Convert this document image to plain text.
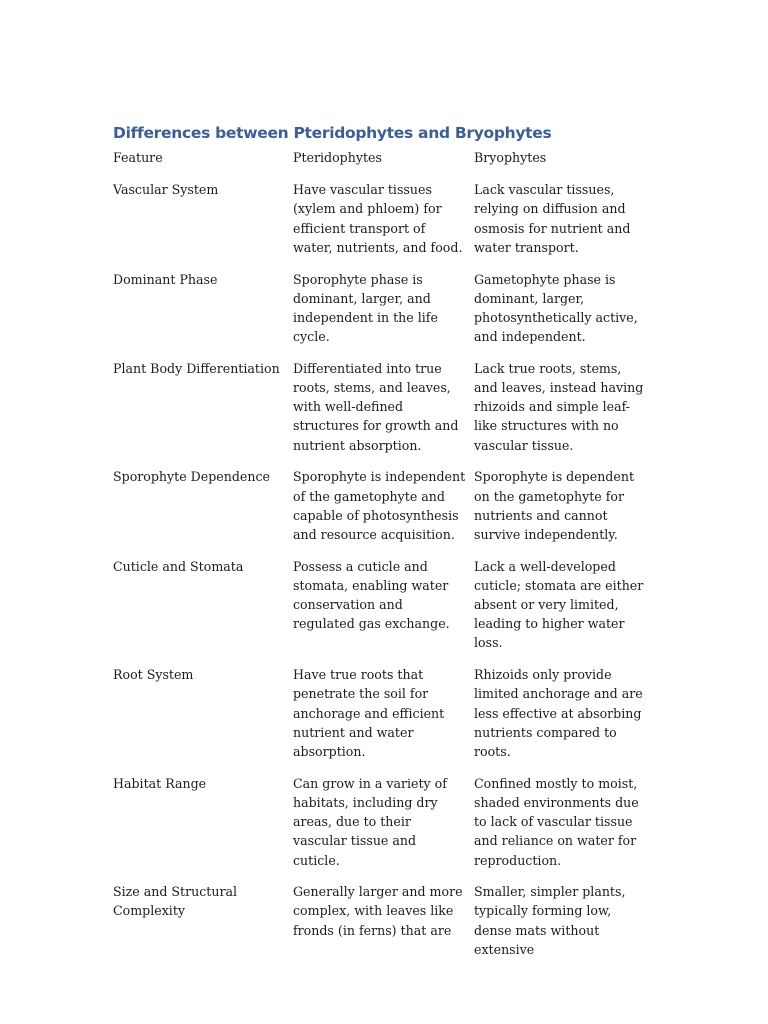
Differences between Pteridophytes and Bryophytes
Feature	Pteridophytes	Bryophytes
Vascular System	Have vascular tissues (xylem and phloem) for efficient transport of water, nutrients, and food.	Lack vascular tissues, relying on diffusion and osmosis for nutrient and water transport.
Dominant Phase	Sporophyte phase is dominant, larger, and independent in the life cycle.	Gametophyte phase is dominant, larger, photosynthetically active, and independent.
Plant Body Differentiation	Differentiated into true roots, stems, and leaves, with well-defined structures for growth and nutrient absorption.	Lack true roots, stems, and leaves, instead having rhizoids and simple leaf-like structures with no vascular tissue.
Sporophyte Dependence	Sporophyte is independent of the gametophyte and capable of photosynthesis and resource acquisition.	Sporophyte is dependent on the gametophyte for nutrients and cannot survive independently.
Cuticle and Stomata	Possess a cuticle and stomata, enabling water conservation and regulated gas exchange.	Lack a well-developed cuticle; stomata are either absent or very limited, leading to higher water loss.
Root System	Have true roots that penetrate the soil for anchorage and efficient nutrient and water absorption.	Rhizoids only provide limited anchorage and are less effective at absorbing nutrients compared to roots.
Habitat Range	Can grow in a variety of habitats, including dry areas, due to their vascular tissue and cuticle.	Confined mostly to moist, shaded environments due to lack of vascular tissue and reliance on water for reproduction.
Size and Structural Complexity	Generally larger and more complex, with leaves like fronds (in ferns) that are	Smaller, simpler plants, typically forming low, dense mats without extensive
